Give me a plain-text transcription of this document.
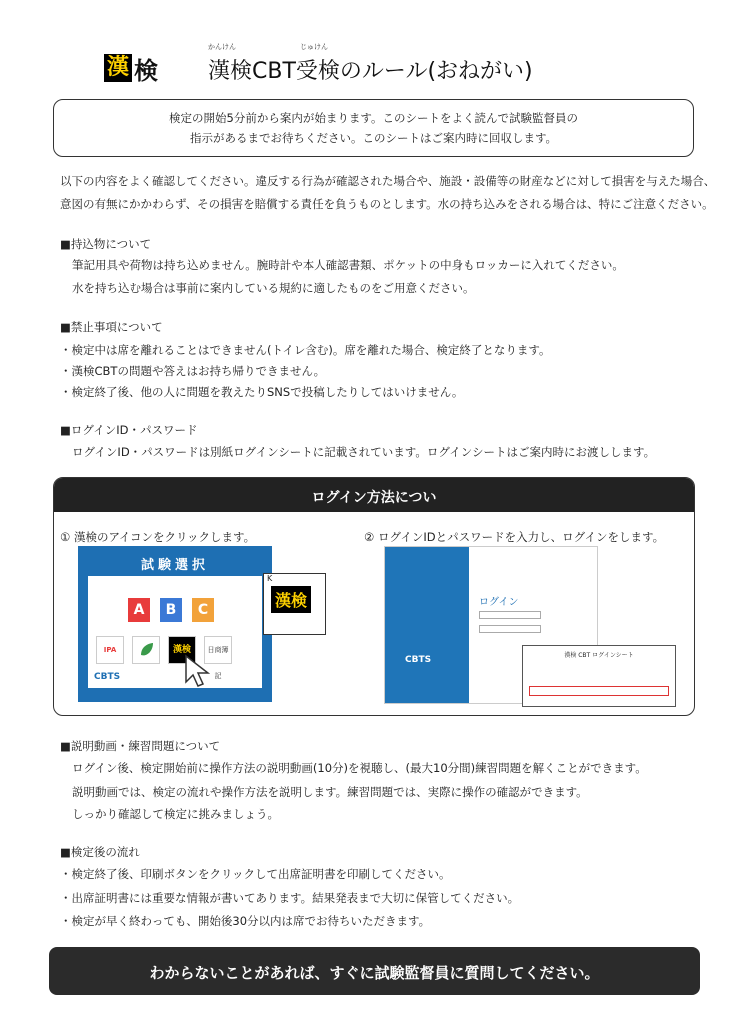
漢 検
かんけん	じゅけん
漢検CBT受検のルール(おねがい)
検定の開始5分前から案内が始まります。このシートをよく読んで試験監督員の
指示があるまでお待ちください。このシートはご案内時に回収します。
以下の内容をよく確認してください。違反する行為が確認された場合や、施設・設備等の財産などに対して損害を与えた場合、
意図の有無にかかわらず、その損害を賠償する責任を負うものとします。水の持ち込みをされる場合は、特にご注意ください。
■持込物について
筆記用具や荷物は持ち込めません。腕時計や本人確認書類、ポケットの中身もロッカーに入れてください。
水を持ち込む場合は事前に案内している規約に適したものをご用意ください。
■禁止事項について
・検定中は席を離れることはできません(トイレ含む)。席を離れた場合、検定終了となります。
・漢検CBTの問題や答えはお持ち帰りできません。
・検定終了後、他の人に問題を教えたりSNSで投稿したりしてはいけません。
■ログインID・パスワード
ログインID・パスワードは別紙ログインシートに記載されています。ログインシートはご案内時にお渡しします。
ログイン方法につい
① 漢検のアイコンをクリックします。	② ログインIDとパスワードを入力し、ログインをします。
試験選択
A	B	C
IPA	漢検	日商簿記
CBTS
K
漢検
CBTS
ログイン
漢検 CBT ログインシート
■説明動画・練習問題について
ログイン後、検定開始前に操作方法の説明動画(10分)を視聴し、(最大10分間)練習問題を解くことができます。
説明動画では、検定の流れや操作方法を説明します。練習問題では、実際に操作の確認ができます。
しっかり確認して検定に挑みましょう。
■検定後の流れ
・検定終了後、印刷ボタンをクリックして出席証明書を印刷してください。
・出席証明書には重要な情報が書いてあります。結果発表まで大切に保管してください。
・検定が早く終わっても、開始後30分以内は席でお待ちいただきます。
わからないことがあれば、すぐに試験監督員に質問してください。
